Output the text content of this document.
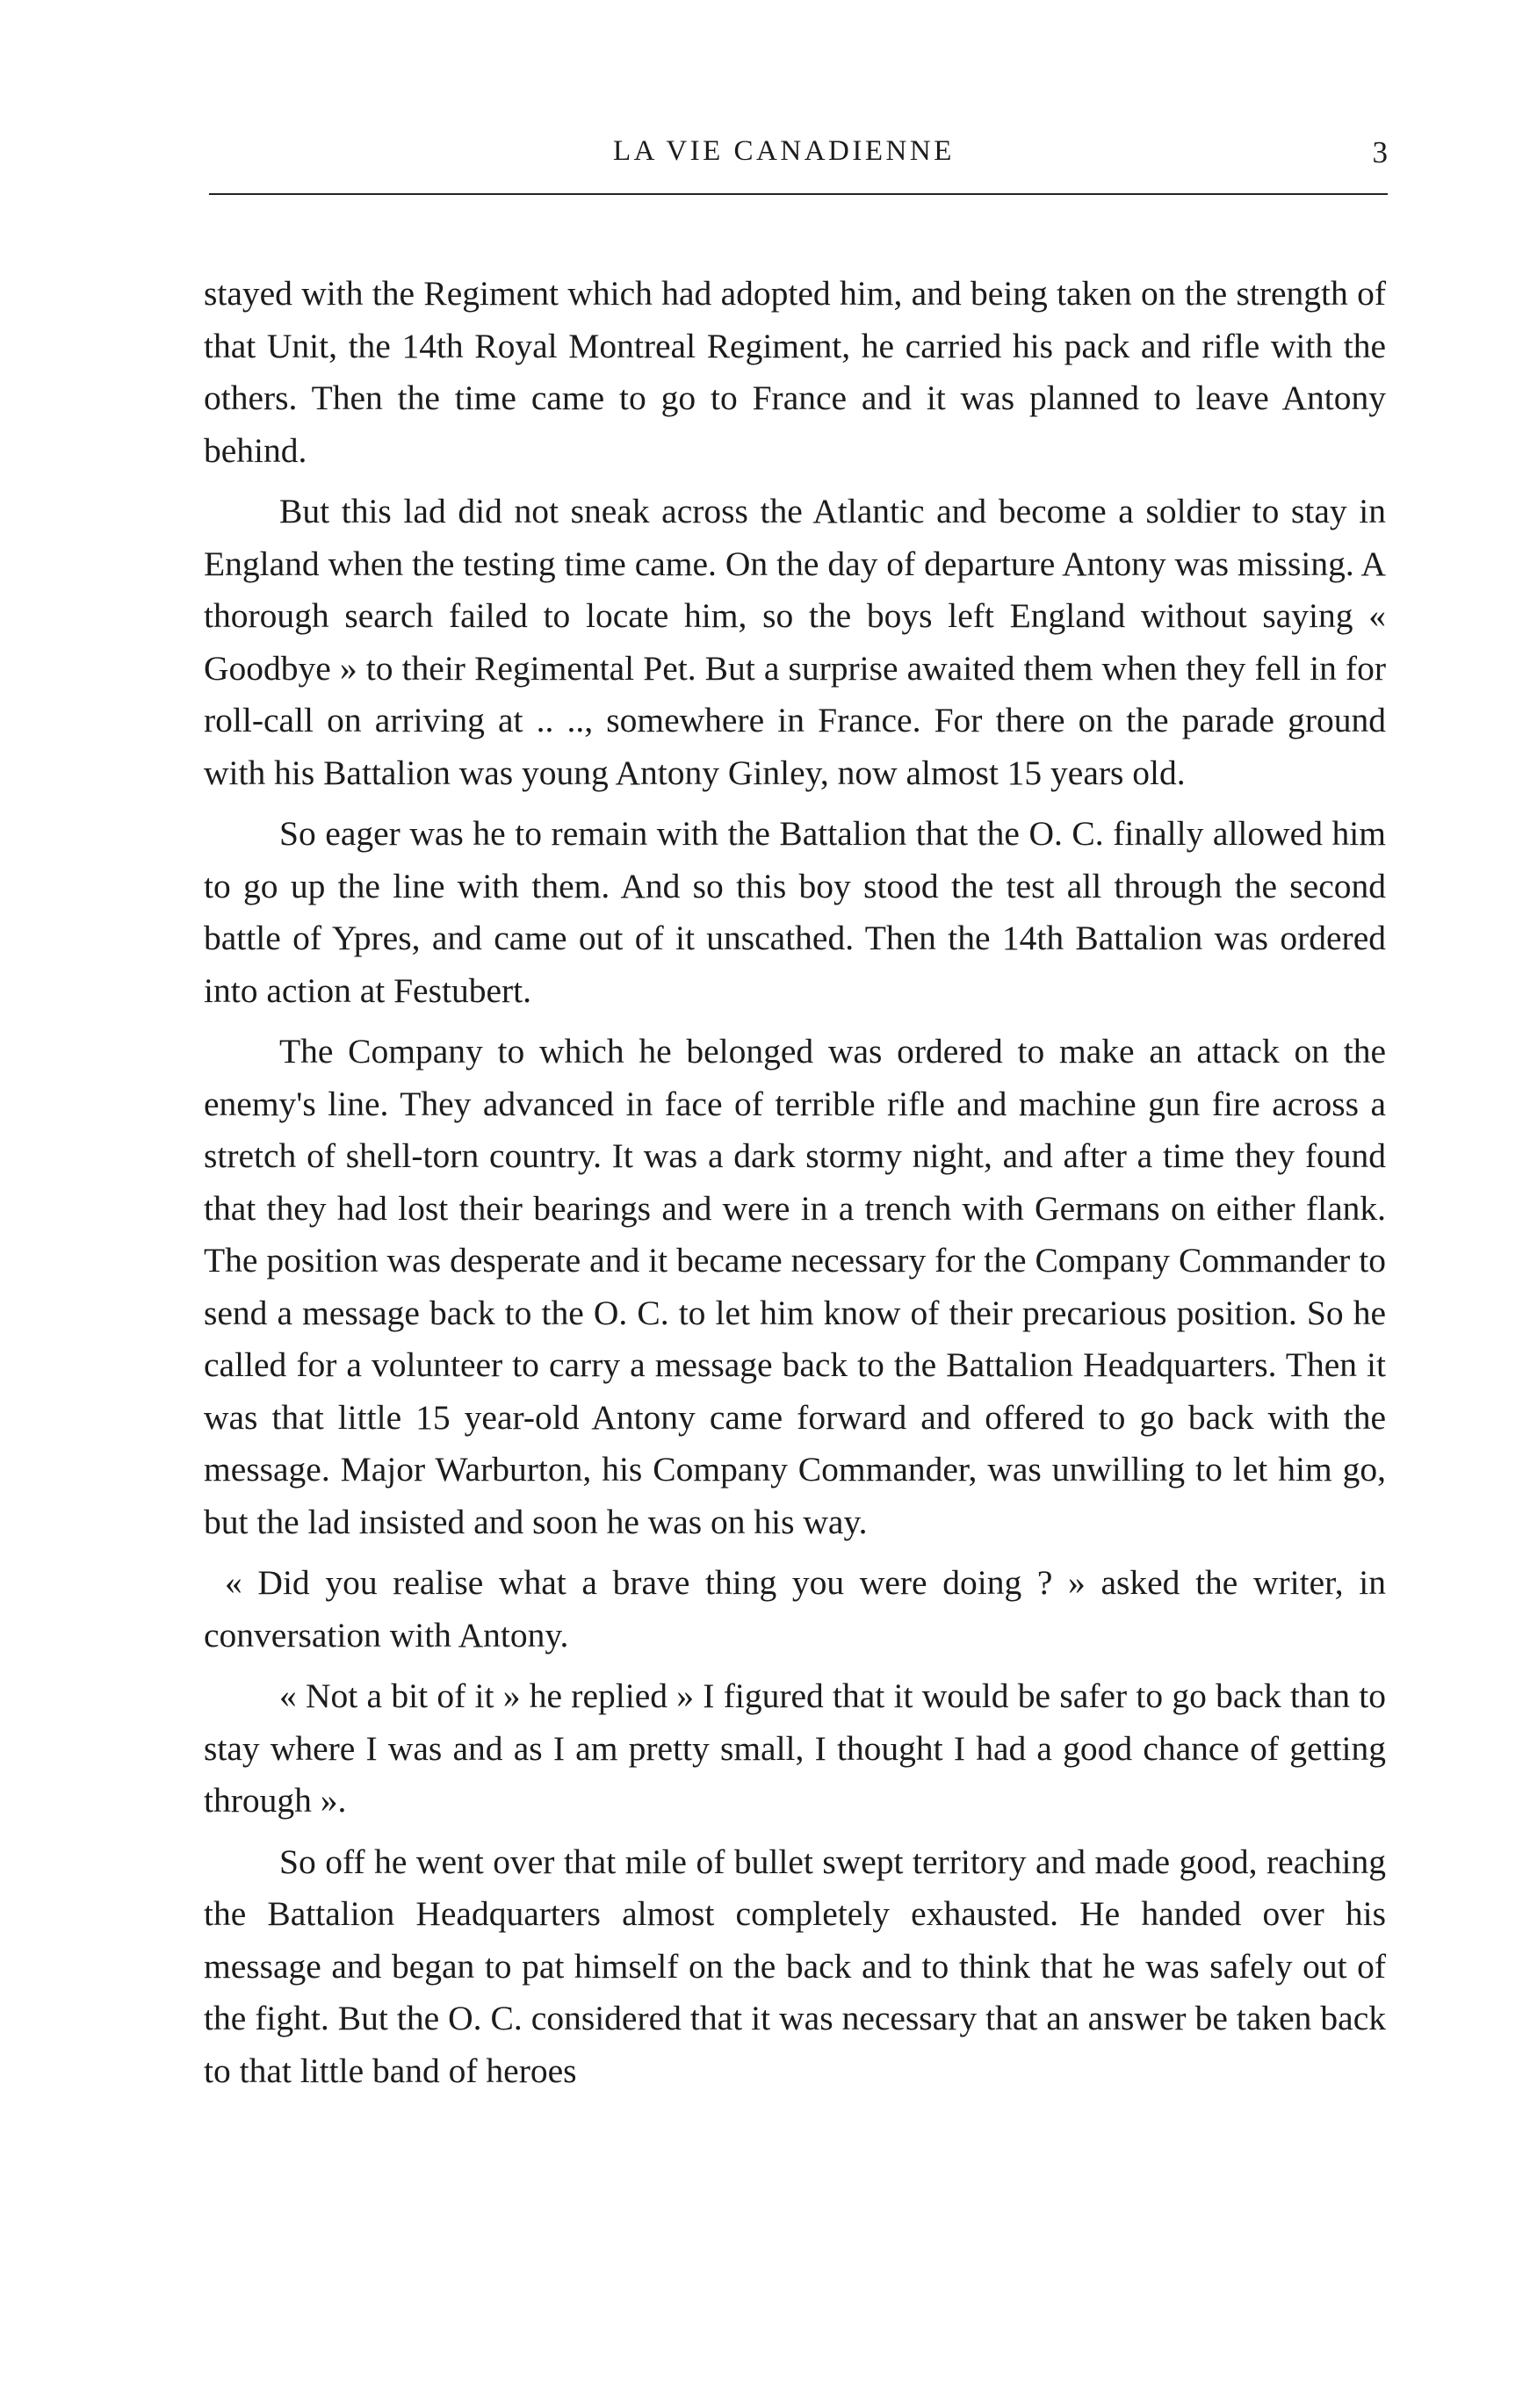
LA VIE CANADIENNE	3

stayed with the Regiment which had adopted him, and being taken on the strength of that Unit, the 14th Royal Montreal Regiment, he carried his pack and rifle with the others. Then the time came to go to France and it was planned to leave Antony behind.

But this lad did not sneak across the Atlantic and become a soldier to stay in England when the testing time came. On the day of departure Antony was missing. A thorough search failed to locate him, so the boys left England without saying « Goodbye » to their Regimental Pet. But a surprise awaited them when they fell in for roll-call on arriving at .. .., somewhere in France. For there on the parade ground with his Battalion was young Antony Ginley, now almost 15 years old.

So eager was he to remain with the Battalion that the O. C. finally allowed him to go up the line with them. And so this boy stood the test all through the second battle of Ypres, and came out of it unscathed. Then the 14th Battalion was ordered into action at Festubert.

The Company to which he belonged was ordered to make an attack on the enemy's line. They advanced in face of terrible rifle and machine gun fire across a stretch of shell-torn country. It was a dark stormy night, and after a time they found that they had lost their bearings and were in a trench with Germans on either flank. The position was desperate and it became necessary for the Company Commander to send a message back to the O. C. to let him know of their precarious position. So he called for a volunteer to carry a message back to the Battalion Headquarters. Then it was that little 15 year-old Antony came forward and offered to go back with the message. Major Warburton, his Company Commander, was unwilling to let him go, but the lad insisted and soon he was on his way.

« Did you realise what a brave thing you were doing ? » asked the writer, in conversation with Antony.

« Not a bit of it » he replied » I figured that it would be safer to go back than to stay where I was and as I am pretty small, I thought I had a good chance of getting through ».

So off he went over that mile of bullet swept territory and made good, reaching the Battalion Headquarters almost completely exhausted. He handed over his message and began to pat himself on the back and to think that he was safely out of the fight. But the O. C. considered that it was necessary that an answer be taken back to that little band of heroes
